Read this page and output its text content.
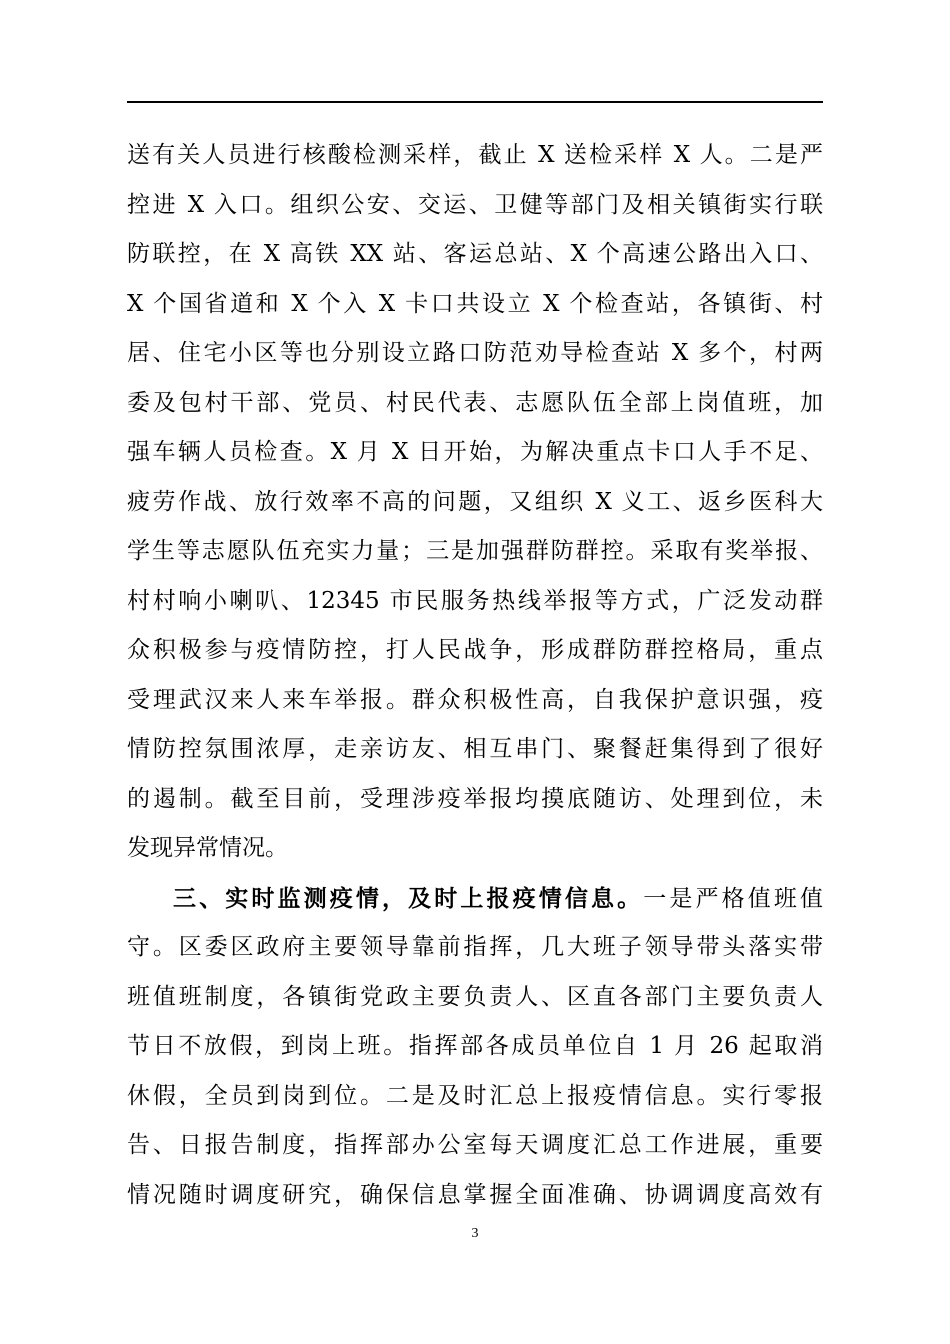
送有关人员进行核酸检测采样，截止 X 送检采样 X 人。二是严
控进 X 入口。组织公安、交运、卫健等部门及相关镇街实行联
防联控，在 X 高铁 XX 站、客运总站、X 个高速公路出入口、
X 个国省道和 X 个入 X 卡口共设立 X 个检查站，各镇街、村
居、住宅小区等也分别设立路口防范劝导检查站 X 多个，村两
委及包村干部、党员、村民代表、志愿队伍全部上岗值班，加
强车辆人员检查。X 月 X 日开始，为解决重点卡口人手不足、
疲劳作战、放行效率不高的问题，又组织 X 义工、返乡医科大
学生等志愿队伍充实力量；三是加强群防群控。采取有奖举报、
村村响小喇叭、12345 市民服务热线举报等方式，广泛发动群
众积极参与疫情防控，打人民战争，形成群防群控格局，重点
受理武汉来人来车举报。群众积极性高，自我保护意识强，疫
情防控氛围浓厚，走亲访友、相互串门、聚餐赶集得到了很好
的遏制。截至目前，受理涉疫举报均摸底随访、处理到位，未
发现异常情况。
三、实时监测疫情，及时上报疫情信息。一是严格值班值
守。区委区政府主要领导靠前指挥，几大班子领导带头落实带
班值班制度，各镇街党政主要负责人、区直各部门主要负责人
节日不放假，到岗上班。指挥部各成员单位自 1 月 26 起取消
休假，全员到岗到位。二是及时汇总上报疫情信息。实行零报
告、日报告制度，指挥部办公室每天调度汇总工作进展，重要
情况随时调度研究，确保信息掌握全面准确、协调调度高效有
3
